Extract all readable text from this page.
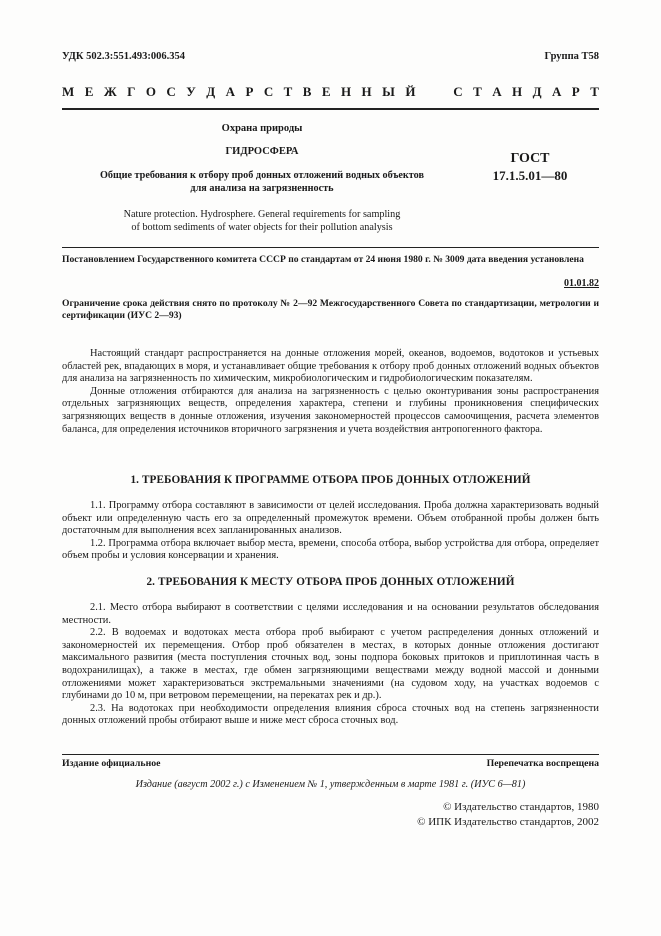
УДК 502.3:551.493:006.354	Группа Т58
М Е Ж Г О С У Д А Р С Т В Е Н Н Ы Й

	С Т А Н Д А Р Т
Охрана природы
ГИДРОСФЕРА
Общие требования к отбору проб донных отложений водных объектов
для анализа на загрязненность
Nature protection. Hydrosphere. General requirements for sampling
of bottom sediments of water objects for their pollution analysis
ГОСТ
17.1.5.01—80
Постановлением Государственного комитета СССР по стандартам от 24 июня 1980 г. № 3009 дата введения установлена
01.01.82
Ограничение срока действия снято по протоколу № 2—92 Межгосударственного Совета по стандартизации, метрологии и сертификации (ИУС 2—93)

Настоящий стандарт распространяется на донные отложения морей, океанов, водоемов, водотоков и устьевых областей рек, впадающих в моря, и устанавливает общие требования к отбору проб донных отложений водных объектов для анализа на загрязненность по химическим, микробиологическим и гидробиологическим показателям.

Донные отложения отбираются для анализа на загрязненность с целью оконтуривания зоны распространения отдельных загрязняющих веществ, определения характера, степени и глубины проникновения специфических загрязняющих веществ в донные отложения, изучения закономерностей процессов самоочищения, расчета элементов баланса, для определения источников вторичного загрязнения и учета воздействия антропогенного фактора.

1. ТРЕБОВАНИЯ К ПРОГРАММЕ ОТБОРА ПРОБ ДОННЫХ ОТЛОЖЕНИЙ

1.1. Программу отбора составляют в зависимости от целей исследования. Проба должна характеризовать водный объект или определенную часть его за определенный промежуток времени. Объем отобранной пробы должен быть достаточным для выполнения всех запланированных анализов.

1.2. Программа отбора включает выбор места, времени, способа отбора, выбор устройства для отбора, определяет объем пробы и условия консервации и хранения.

2. ТРЕБОВАНИЯ К МЕСТУ ОТБОРА ПРОБ ДОННЫХ ОТЛОЖЕНИЙ

2.1. Место отбора выбирают в соответствии с целями исследования и на основании результатов обследования местности.

2.2. В водоемах и водотоках места отбора проб выбирают с учетом распределения донных отложений и закономерностей их перемещения. Отбор проб обязателен в местах, в которых донные отложения достигают максимального развития (места поступления сточных вод, зоны подпора боковых притоков и приплотинная часть в водохранилищах), а также в местах, где обмен загрязняющими веществами между водной массой и донными отложениями может характеризоваться экстремальными значениями (на судовом ходу, на участках водоемов с глубинами до 10 м, при ветровом перемещении, на перекатах рек и др.).

2.3. На водотоках при необходимости определения влияния сброса сточных вод на степень загрязненности донных отложений пробы отбирают выше и ниже мест сброса сточных вод.

Издание официальное	Перепечатка воспрещена
Издание (август 2002 г.) с Изменением № 1, утвержденным в марте 1981 г. (ИУС 6—81)
© Издательство стандартов, 1980
© ИПК Издательство стандартов, 2002
